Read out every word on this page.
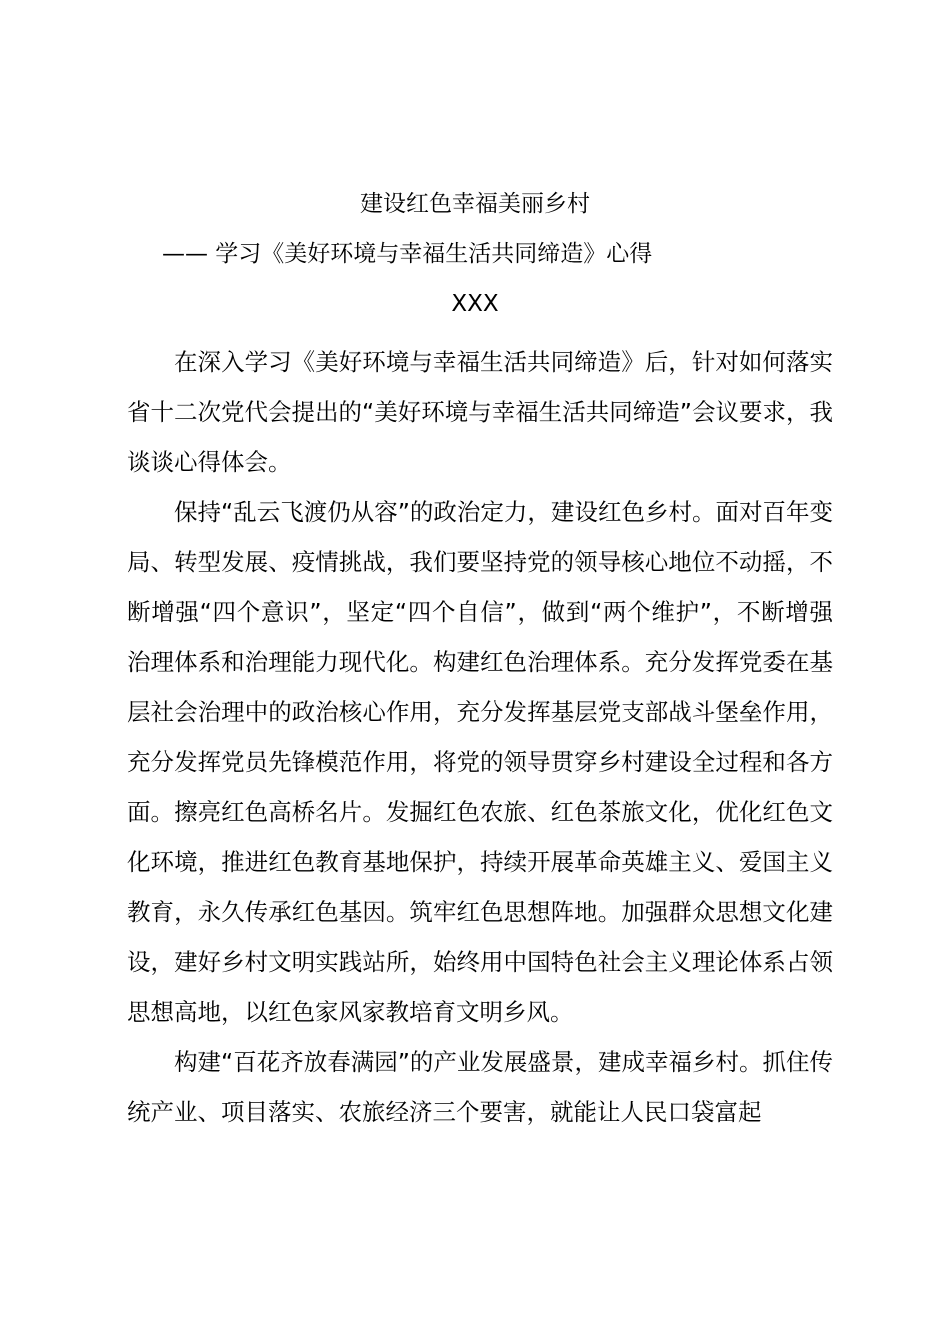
建设红色幸福美丽乡村

—— 学习《美好环境与幸福生活共同缔造》心得

XXX

在深入学习《美好环境与幸福生活共同缔造》后，针对如何落实省十二次党代会提出的“美好环境与幸福生活共同缔造”会议要求，我谈谈心得体会。

保持“乱云飞渡仍从容”的政治定力，建设红色乡村。面对百年变局、转型发展、疫情挑战，我们要坚持党的领导核心地位不动摇，不断增强“四个意识”，坚定“四个自信”，做到“两个维护”，不断增强治理体系和治理能力现代化。构建红色治理体系。充分发挥党委在基层社会治理中的政治核心作用，充分发挥基层党支部战斗堡垒作用，充分发挥党员先锋模范作用，将党的领导贯穿乡村建设全过程和各方面。擦亮红色高桥名片。发掘红色农旅、红色茶旅文化，优化红色文化环境，推进红色教育基地保护，持续开展革命英雄主义、爱国主义教育，永久传承红色基因。筑牢红色思想阵地。加强群众思想文化建设，建好乡村文明实践站所，始终用中国特色社会主义理论体系占领思想高地，以红色家风家教培育文明乡风。

构建“百花齐放春满园”的产业发展盛景，建成幸福乡村。抓住传统产业、项目落实、农旅经济三个要害，就能让人民口袋富起
